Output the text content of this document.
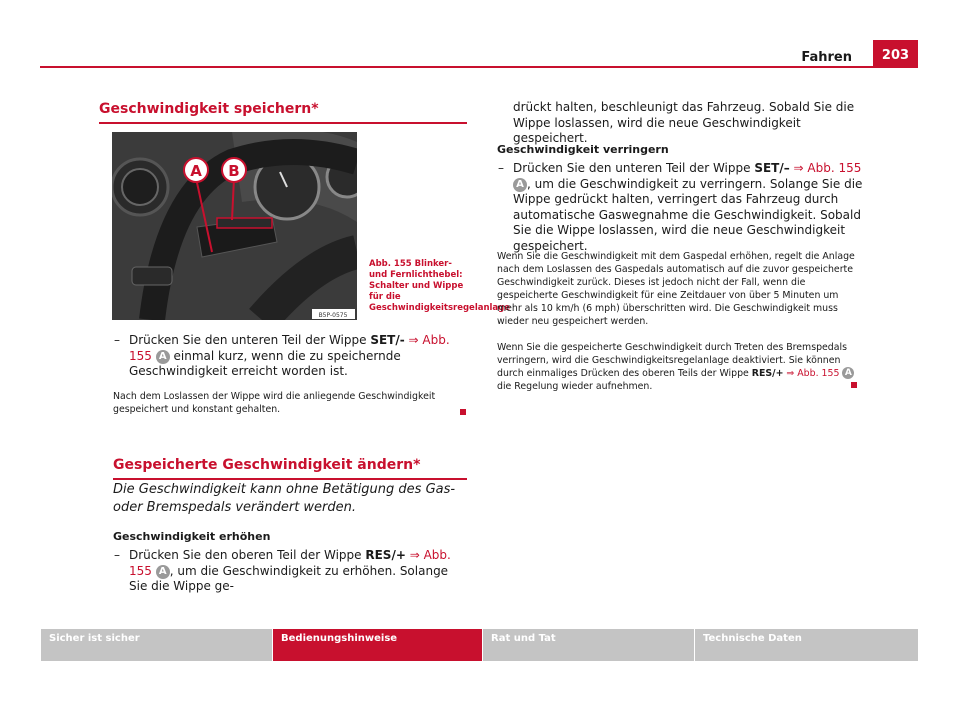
Fahren	203
Geschwindigkeit speichern*
A B
B5P-0575
Abb. 155 Blinker- und Fernlichthebel: Schalter und Wippe für die Geschwindigkeitsregelanlage
– Drücken Sie den unteren Teil der Wippe SET/- ⇒ Abb. 155 A einmal kurz, wenn die zu speichernde Geschwindigkeit erreicht worden ist.
Nach dem Loslassen der Wippe wird die anliegende Geschwindigkeit gespeichert und konstant gehalten.
Gespeicherte Geschwindigkeit ändern*
Die Geschwindigkeit kann ohne Betätigung des Gas- oder Bremspedals verändert werden.
Geschwindigkeit erhöhen
– Drücken Sie den oberen Teil der Wippe RES/+ ⇒ Abb. 155 A , um die Geschwindigkeit zu erhöhen. Solange Sie die Wippe ge-
drückt halten, beschleunigt das Fahrzeug. Sobald Sie die Wippe loslassen, wird die neue Geschwindigkeit gespeichert.
Geschwindigkeit verringern
– Drücken Sie den unteren Teil der Wippe SET/– ⇒ Abb. 155 A , um die Geschwindigkeit zu verringern. Solange Sie die Wippe gedrückt halten, verringert das Fahrzeug durch automatische Gaswegnahme die Geschwindigkeit. Sobald Sie die Wippe loslassen, wird die neue Geschwindigkeit gespeichert.
Wenn Sie die Geschwindigkeit mit dem Gaspedal erhöhen, regelt die Anlage nach dem Loslassen des Gaspedals automatisch auf die zuvor gespeicherte Geschwindigkeit zurück. Dieses ist jedoch nicht der Fall, wenn die gespeicherte Geschwindigkeit für eine Zeitdauer von über 5 Minuten um mehr als 10 km/h (6 mph) überschritten wird. Die Geschwindigkeit muss wieder neu gespeichert werden.
Wenn Sie die gespeicherte Geschwindigkeit durch Treten des Bremspedals verringern, wird die Geschwindigkeitsregelanlage deaktiviert. Sie können durch einmaliges Drücken des oberen Teils der Wippe RES/+ ⇒ Abb. 155 A die Regelung wieder aufnehmen.
Sicher ist sicher	Bedienungshinweise	Rat und Tat	Technische Daten
